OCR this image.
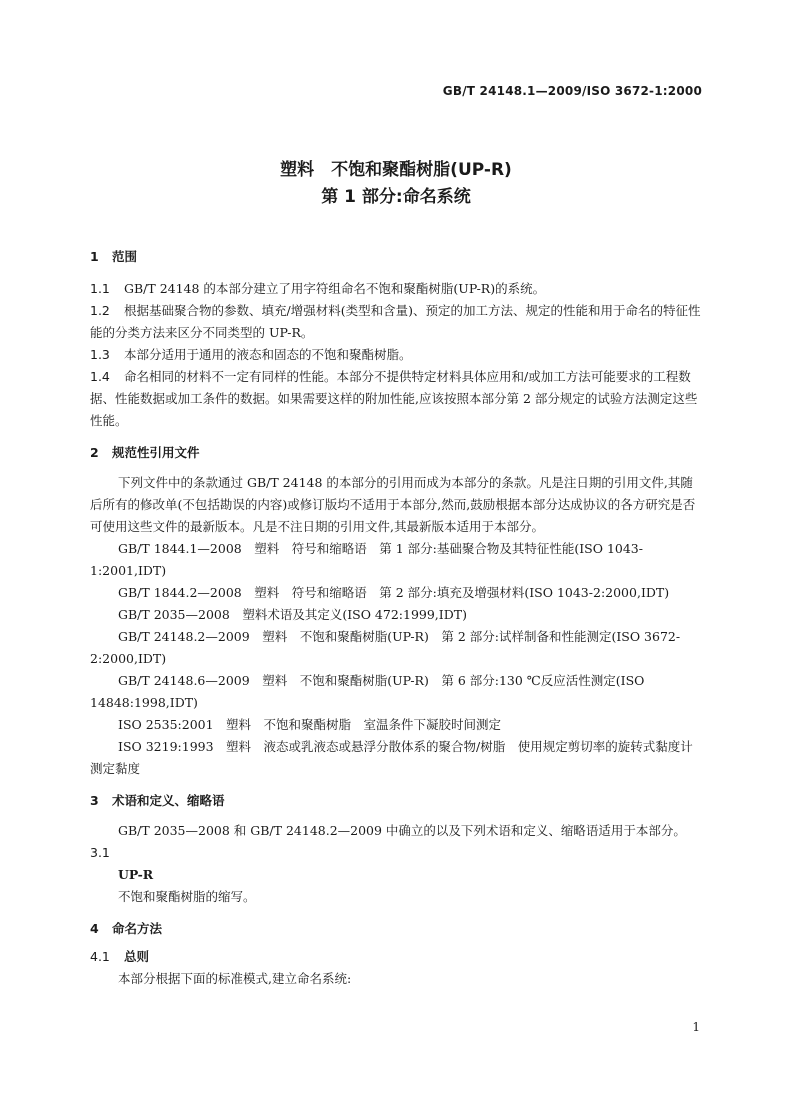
GB/T 24148.1—2009/ISO 3672-1:2000
塑料　不饱和聚酯树脂(UP-R)
第 1 部分:命名系统

1 范围

1.1 GB/T 24148 的本部分建立了用字符组命名不饱和聚酯树脂(UP-R)的系统。

1.2 根据基础聚合物的参数、填充/增强材料(类型和含量)、预定的加工方法、规定的性能和用于命名的特征性能的分类方法来区分不同类型的 UP-R。

1.3 本部分适用于通用的液态和固态的不饱和聚酯树脂。

1.4 命名相同的材料不一定有同样的性能。本部分不提供特定材料具体应用和/或加工方法可能要求的工程数据、性能数据或加工条件的数据。如果需要这样的附加性能,应该按照本部分第 2 部分规定的试验方法测定这些性能。

2 规范性引用文件

下列文件中的条款通过 GB/T 24148 的本部分的引用而成为本部分的条款。凡是注日期的引用文件,其随后所有的修改单(不包括勘误的内容)或修订版均不适用于本部分,然而,鼓励根据本部分达成协议的各方研究是否可使用这些文件的最新版本。凡是不注日期的引用文件,其最新版本适用于本部分。

GB/T 1844.1—2008　塑料　符号和缩略语　第 1 部分:基础聚合物及其特征性能(ISO 1043-1:2001,IDT)

GB/T 1844.2—2008　塑料　符号和缩略语　第 2 部分:填充及增强材料(ISO 1043-2:2000,IDT)

GB/T 2035—2008　塑料术语及其定义(ISO 472:1999,IDT)

GB/T 24148.2—2009　塑料　不饱和聚酯树脂(UP-R)　第 2 部分:试样制备和性能测定(ISO 3672-2:2000,IDT)

GB/T 24148.6—2009　塑料　不饱和聚酯树脂(UP-R)　第 6 部分:130 ℃反应活性测定(ISO 14848:1998,IDT)

ISO 2535:2001　塑料　不饱和聚酯树脂　室温条件下凝胶时间测定

ISO 3219:1993　塑料　液态或乳液态或悬浮分散体系的聚合物/树脂　使用规定剪切率的旋转式黏度计测定黏度

3 术语和定义、缩略语

GB/T 2035—2008 和 GB/T 24148.2—2009 中确立的以及下列术语和定义、缩略语适用于本部分。

3.1

UP-R

不饱和聚酯树脂的缩写。

4 命名方法

4.1 总则

本部分根据下面的标准模式,建立命名系统:

1
